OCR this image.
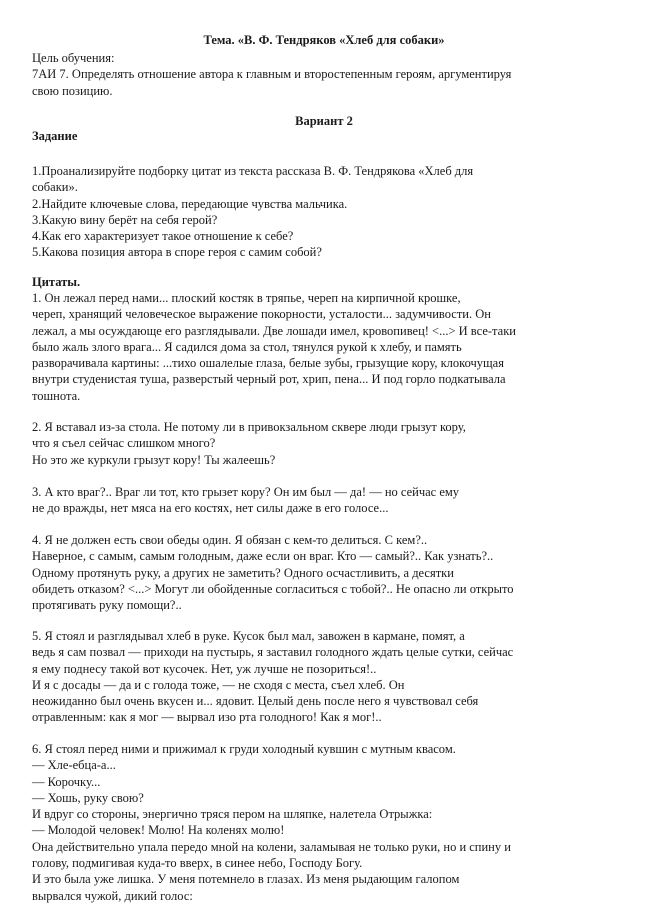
Тема. «В. Ф. Тендряков «Хлеб для собаки»
Цель обучения:
7АИ 7. Определять отношение автора к главным и второстепенным героям, аргументируя
свою позицию.
Вариант 2
Задание
1.Проанализируйте подборку цитат из текста рассказа В. Ф. Тендрякова «Хлеб для
собаки».
2.Найдите ключевые слова, передающие чувства мальчика.
3.Какую вину берёт на себя герой?
4.Как его характеризует такое отношение к себе?
5.Какова позиция автора в споре героя с самим собой?
Цитаты.
1. Он лежал перед нами... плоский костяк в тряпье, череп на кирпичной крошке,
череп, хранящий человеческое выражение покорности, усталости... задумчивости. Он
лежал, а мы осуждающе его разглядывали. Две лошади имел, кровопивец! <...> И все-таки
было жаль злого врага... Я садился дома за стол, тянулся рукой к хлебу, и память
разворачивала картины: ...тихо ошалелые глаза, белые зубы, грызущие кору, клокочущая
внутри студенистая туша, разверстый черный рот, хрип, пена... И под горло подкатывала
тошнота.
2. Я вставал из-за стола. Не потому ли в привокзальном сквере люди грызут кору,
что я съел сейчас слишком много?
Но это же куркули грызут кору! Ты жалеешь?
3. А кто враг?.. Враг ли тот, кто грызет кору? Он им был — да! — но сейчас ему
не до вражды, нет мяса на его костях, нет силы даже в его голосе...
4. Я не должен есть свои обеды один. Я обязан с кем-то делиться. С кем?..
Наверное, с самым, самым голодным, даже если он враг. Кто — самый?.. Как узнать?..
Одному протянуть руку, а других не заметить? Одного осчастливить, а десятки
обидеть отказом? <...> Могут ли обойденные согласиться с тобой?.. Не опасно ли открыто
протягивать руку помощи?..
5. Я стоял и разглядывал хлеб в руке. Кусок был мал, завожен в кармане, помят, а
ведь я сам позвал — приходи на пустырь, я заставил голодного ждать целые сутки, сейчас
я ему поднесу такой вот кусочек. Нет, уж лучше не позориться!..
И я с досады — да и с голода тоже, — не сходя с места, съел хлеб. Он
неожиданно был очень вкусен и... ядовит. Целый день после него я чувствовал себя
отравленным: как я мог — вырвал изо рта голодного! Как я мог!..
6. Я стоял перед ними и прижимал к груди холодный кувшин с мутным квасом.
— Хле-ебца-а...
— Корочку...
— Хошь, руку свою?
И вдруг со стороны, энергично тряся пером на шляпке, налетела Отрыжка:
— Молодой человек! Молю! На коленях молю!
Она действительно упала передо мной на колени, заламывая не только руки, но и спину и
голову, подмигивая куда-то вверх, в синее небо, Господу Богу.
И это была уже лишка. У меня потемнело в глазах. Из меня рыдающим галопом
вырвался чужой, дикий голос:
